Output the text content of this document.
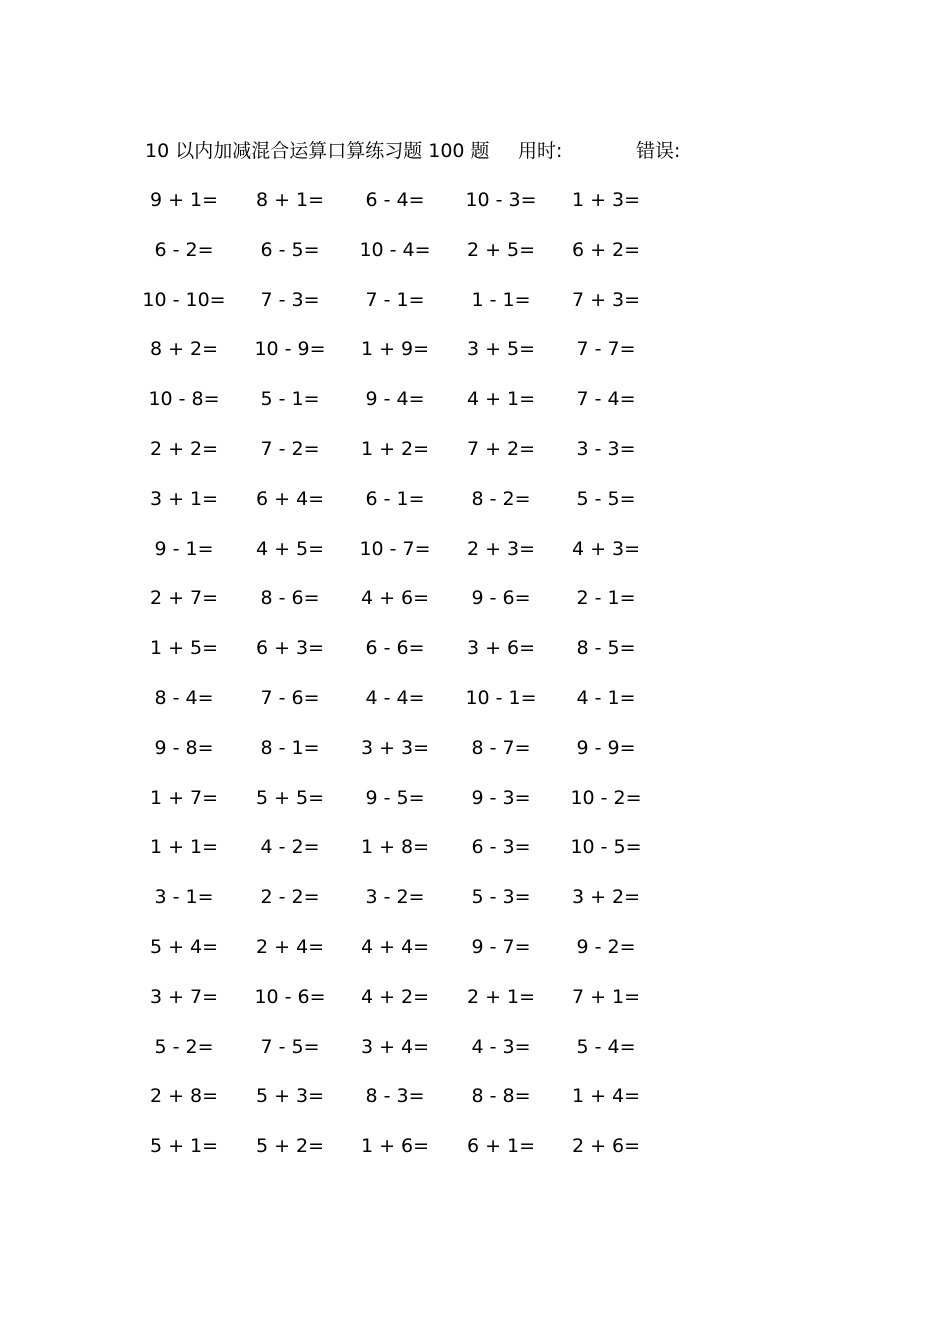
10 以内加减混合运算口算练习题 100 题 用时:	错误:
9 + 1=	8 + 1=	6 - 4=	10 - 3=	1 + 3=
6 - 2=	6 - 5=	10 - 4=	2 + 5=	6 + 2=
10 - 10=	7 - 3=	7 - 1=	1 - 1=	7 + 3=
8 + 2=	10 - 9=	1 + 9=	3 + 5=	7 - 7=
10 - 8=	5 - 1=	9 - 4=	4 + 1=	7 - 4=
2 + 2=	7 - 2=	1 + 2=	7 + 2=	3 - 3=
3 + 1=	6 + 4=	6 - 1=	8 - 2=	5 - 5=
9 - 1=	4 + 5=	10 - 7=	2 + 3=	4 + 3=
2 + 7=	8 - 6=	4 + 6=	9 - 6=	2 - 1=
1 + 5=	6 + 3=	6 - 6=	3 + 6=	8 - 5=
8 - 4=	7 - 6=	4 - 4=	10 - 1=	4 - 1=
9 - 8=	8 - 1=	3 + 3=	8 - 7=	9 - 9=
1 + 7=	5 + 5=	9 - 5=	9 - 3=	10 - 2=
1 + 1=	4 - 2=	1 + 8=	6 - 3=	10 - 5=
3 - 1=	2 - 2=	3 - 2=	5 - 3=	3 + 2=
5 + 4=	2 + 4=	4 + 4=	9 - 7=	9 - 2=
3 + 7=	10 - 6=	4 + 2=	2 + 1=	7 + 1=
5 - 2=	7 - 5=	3 + 4=	4 - 3=	5 - 4=
2 + 8=	5 + 3=	8 - 3=	8 - 8=	1 + 4=
5 + 1=	5 + 2=	1 + 6=	6 + 1=	2 + 6=
